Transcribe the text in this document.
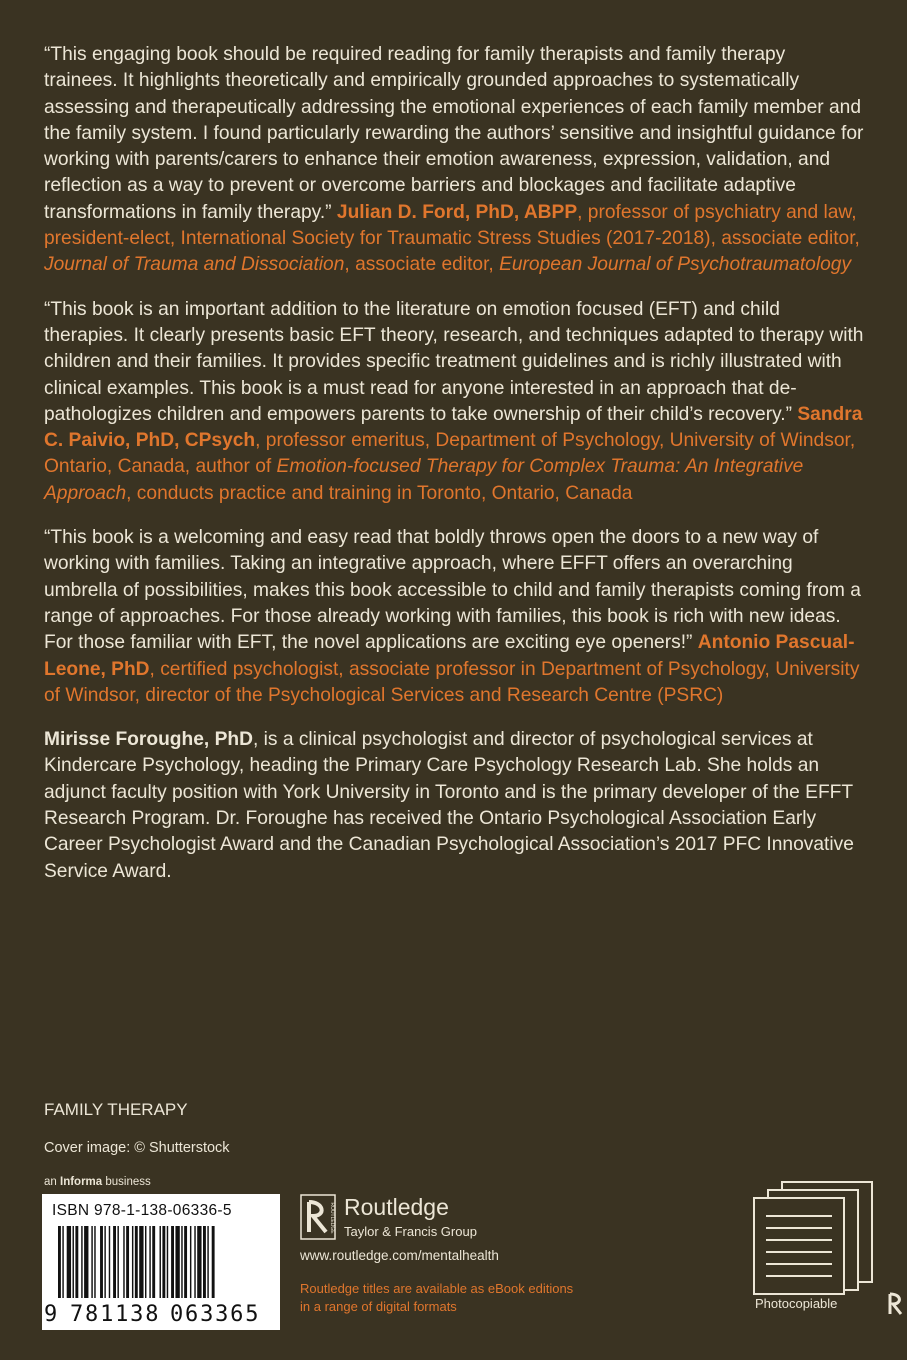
“This engaging book should be required reading for family therapists and family therapy trainees. It highlights theoretically and empirically grounded approaches to systematically assessing and therapeutically addressing the emotional experiences of each family member and the family system. I found particularly rewarding the authors’ sensitive and insightful guidance for working with parents/carers to enhance their emotion awareness, expression, validation, and reflection as a way to prevent or overcome barriers and blockages and facilitate adaptive transformations in family therapy.” Julian D. Ford, PhD, ABPP, professor of psychiatry and law, president-elect, International Society for Traumatic Stress Studies (2017-2018), associate editor, Journal of Trauma and Dissociation, associate editor, European Journal of Psychotraumatology

“This book is an important addition to the literature on emotion focused (EFT) and child therapies. It clearly presents basic EFT theory, research, and techniques adapted to therapy with children and their families. It provides specific treatment guidelines and is richly illustrated with clinical examples. This book is a must read for anyone interested in an approach that de-pathologizes children and empowers parents to take ownership of their child’s recovery.” Sandra C. Paivio, PhD, CPsych, professor emeritus, Department of Psychology, University of Windsor, Ontario, Canada, author of Emotion-focused Therapy for Complex Trauma: An Integrative Approach, conducts practice and training in Toronto, Ontario, Canada

“This book is a welcoming and easy read that boldly throws open the doors to a new way of working with families. Taking an integrative approach, where EFFT offers an overarching umbrella of possibilities, makes this book accessible to child and family therapists coming from a range of approaches. For those already working with families, this book is rich with new ideas. For those familiar with EFT, the novel applications are exciting eye openers!” Antonio Pascual-Leone, PhD, certified psychologist, associate professor in Department of Psychology, University of Windsor, director of the Psychological Services and Research Centre (PSRC)

Mirisse Foroughe, PhD, is a clinical psychologist and director of psychological services at Kindercare Psychology, heading the Primary Care Psychology Research Lab. She holds an adjunct faculty position with York University in Toronto and is the primary developer of the EFFT Research Program. Dr. Foroughe has received the Ontario Psychological Association Early Career Psychologist Award and the Canadian Psychological Association’s 2017 PFC Innovative Service Award.

FAMILY THERAPY
Cover image: © Shutterstock
an Informa business
ISBN 978-1-138-06336-5
9 781138 063365
ROUTLEDGE Routledge
Taylor & Francis Group
www.routledge.com/mentalhealth
Routledge titles are available as eBook editions
in a range of digital formats	Photocopiable
